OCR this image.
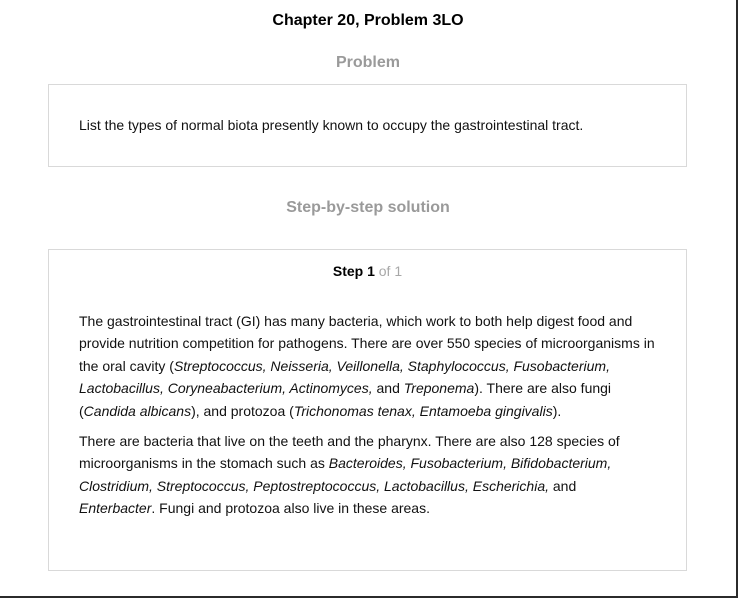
Chapter 20, Problem 3LO
Problem
List the types of normal biota presently known to occupy the gastrointestinal tract.
Step-by-step solution
Step 1 of 1

The gastrointestinal tract (GI) has many bacteria, which work to both help digest food and provide nutrition competition for pathogens. There are over 550 species of microorganisms in the oral cavity (Streptococcus, Neisseria, Veillonella, Staphylococcus, Fusobacterium, Lactobacillus, Coryneabacterium, Actinomyces, and Treponema). There are also fungi (Candida albicans), and protozoa (Trichonomas tenax, Entamoeba gingivalis).

There are bacteria that live on the teeth and the pharynx. There are also 128 species of microorganisms in the stomach such as Bacteroides, Fusobacterium, Bifidobacterium, Clostridium, Streptococcus, Peptostreptococcus, Lactobacillus, Escherichia, and Enterbacter. Fungi and protozoa also live in these areas.
